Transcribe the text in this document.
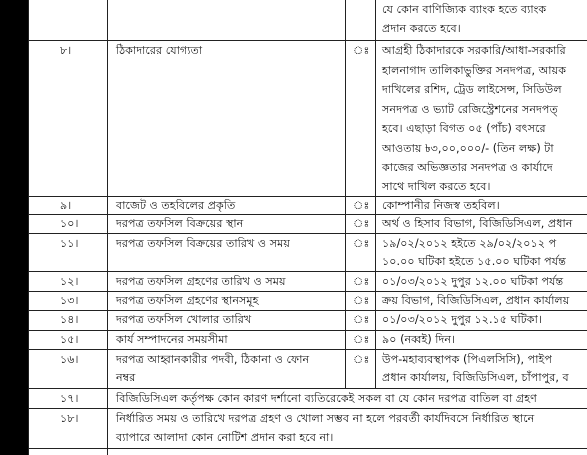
যে কোন বাণিজ্যিক ব্যাংক হতে ব্যাংক
প্রদান করতে হবে।
৮।	ঠিকাদারের যোগ্যতা	ঃ আগ্রহী ঠিকাদারকে সরকারি/আধা-সরকারি
হালনাগাদ তালিকাভুক্তির সনদপত্র, আয়ক
দাখিলের রশিদ, ট্রেড লাইসেন্স, সিডিউল
সনদপত্র ও ভ্যাট রেজিস্ট্রেশনের সনদপত্
হবে। এছাড়া বিগত ০৫ (পাঁচ) বৎসরে
আওতায় ৳৩,০০,০০০/- (তিন লক্ষ) টা
কাজের অভিজ্ঞতার সনদপত্র ও কার্যাদে
সাথে দাখিল করতে হবে।
৯।	বাজেট ও তহবিলের প্রকৃতি	ঃ কোম্পানীর নিজস্ব তহবিল।
১০।	দরপত্র তফসিল বিক্রয়ের স্থান	ঃ অর্থ ও হিসাব বিভাগ, বিজিডিসিএল, প্রধান
১১।	দরপত্র তফসিল বিক্রয়ের তারিখ ও সময়	ঃ ১৯/০২/২০১২ হইতে ২৯/০২/২০১২ প
১০.০০ ঘটিকা হইতে ১৫.০০ ঘটিকা পর্যন্ত
১২।	দরপত্র তফসিল গ্রহণের তারিখ ও সময়	ঃ ০১/০৩/২০১২ দুপুর ১২.০০ ঘটিকা পর্যন্ত
১৩।	দরপত্র তফসিল গ্রহণের স্থানসমূহ	ঃ ক্রয় বিভাগ, বিজিডিসিএল, প্রধান কার্যালয়
১৪।	দরপত্র তফসিল খোলার তারিখ	ঃ ০১/০৩/২০১২ দুপুর ১২.১৫ ঘটিকা।
১৫।	কার্য সম্পাদনের সময়সীমা	ঃ ৯০ (নব্বই) দিন।
১৬।	দরপত্র আহ্বানকারীর পদবী, ঠিকানা ও ফোন
নম্বর
ঃ উপ-মহাব্যবস্থাপক (পিএলসিসি), পাইপ
প্রধান কার্যালয়, বিজিডিসিএল, চাঁপাপুর, ব
১৭।	বিজিডিসিএল কর্তৃপক্ষ কোন কারণ দর্শানো ব্যতিরেকেই সকল বা যে কোন দরপত্র বাতিল বা গ্রহণ
১৮।	নির্ধারিত সময় ও তারিখে দরপত্র গ্রহণ ও খোলা সম্ভব না হলে পরবর্তী কার্যদিবসে নির্ধারিত স্থানে
ব্যাপারে আলাদা কোন নোটিশ প্রদান করা হবে না।
